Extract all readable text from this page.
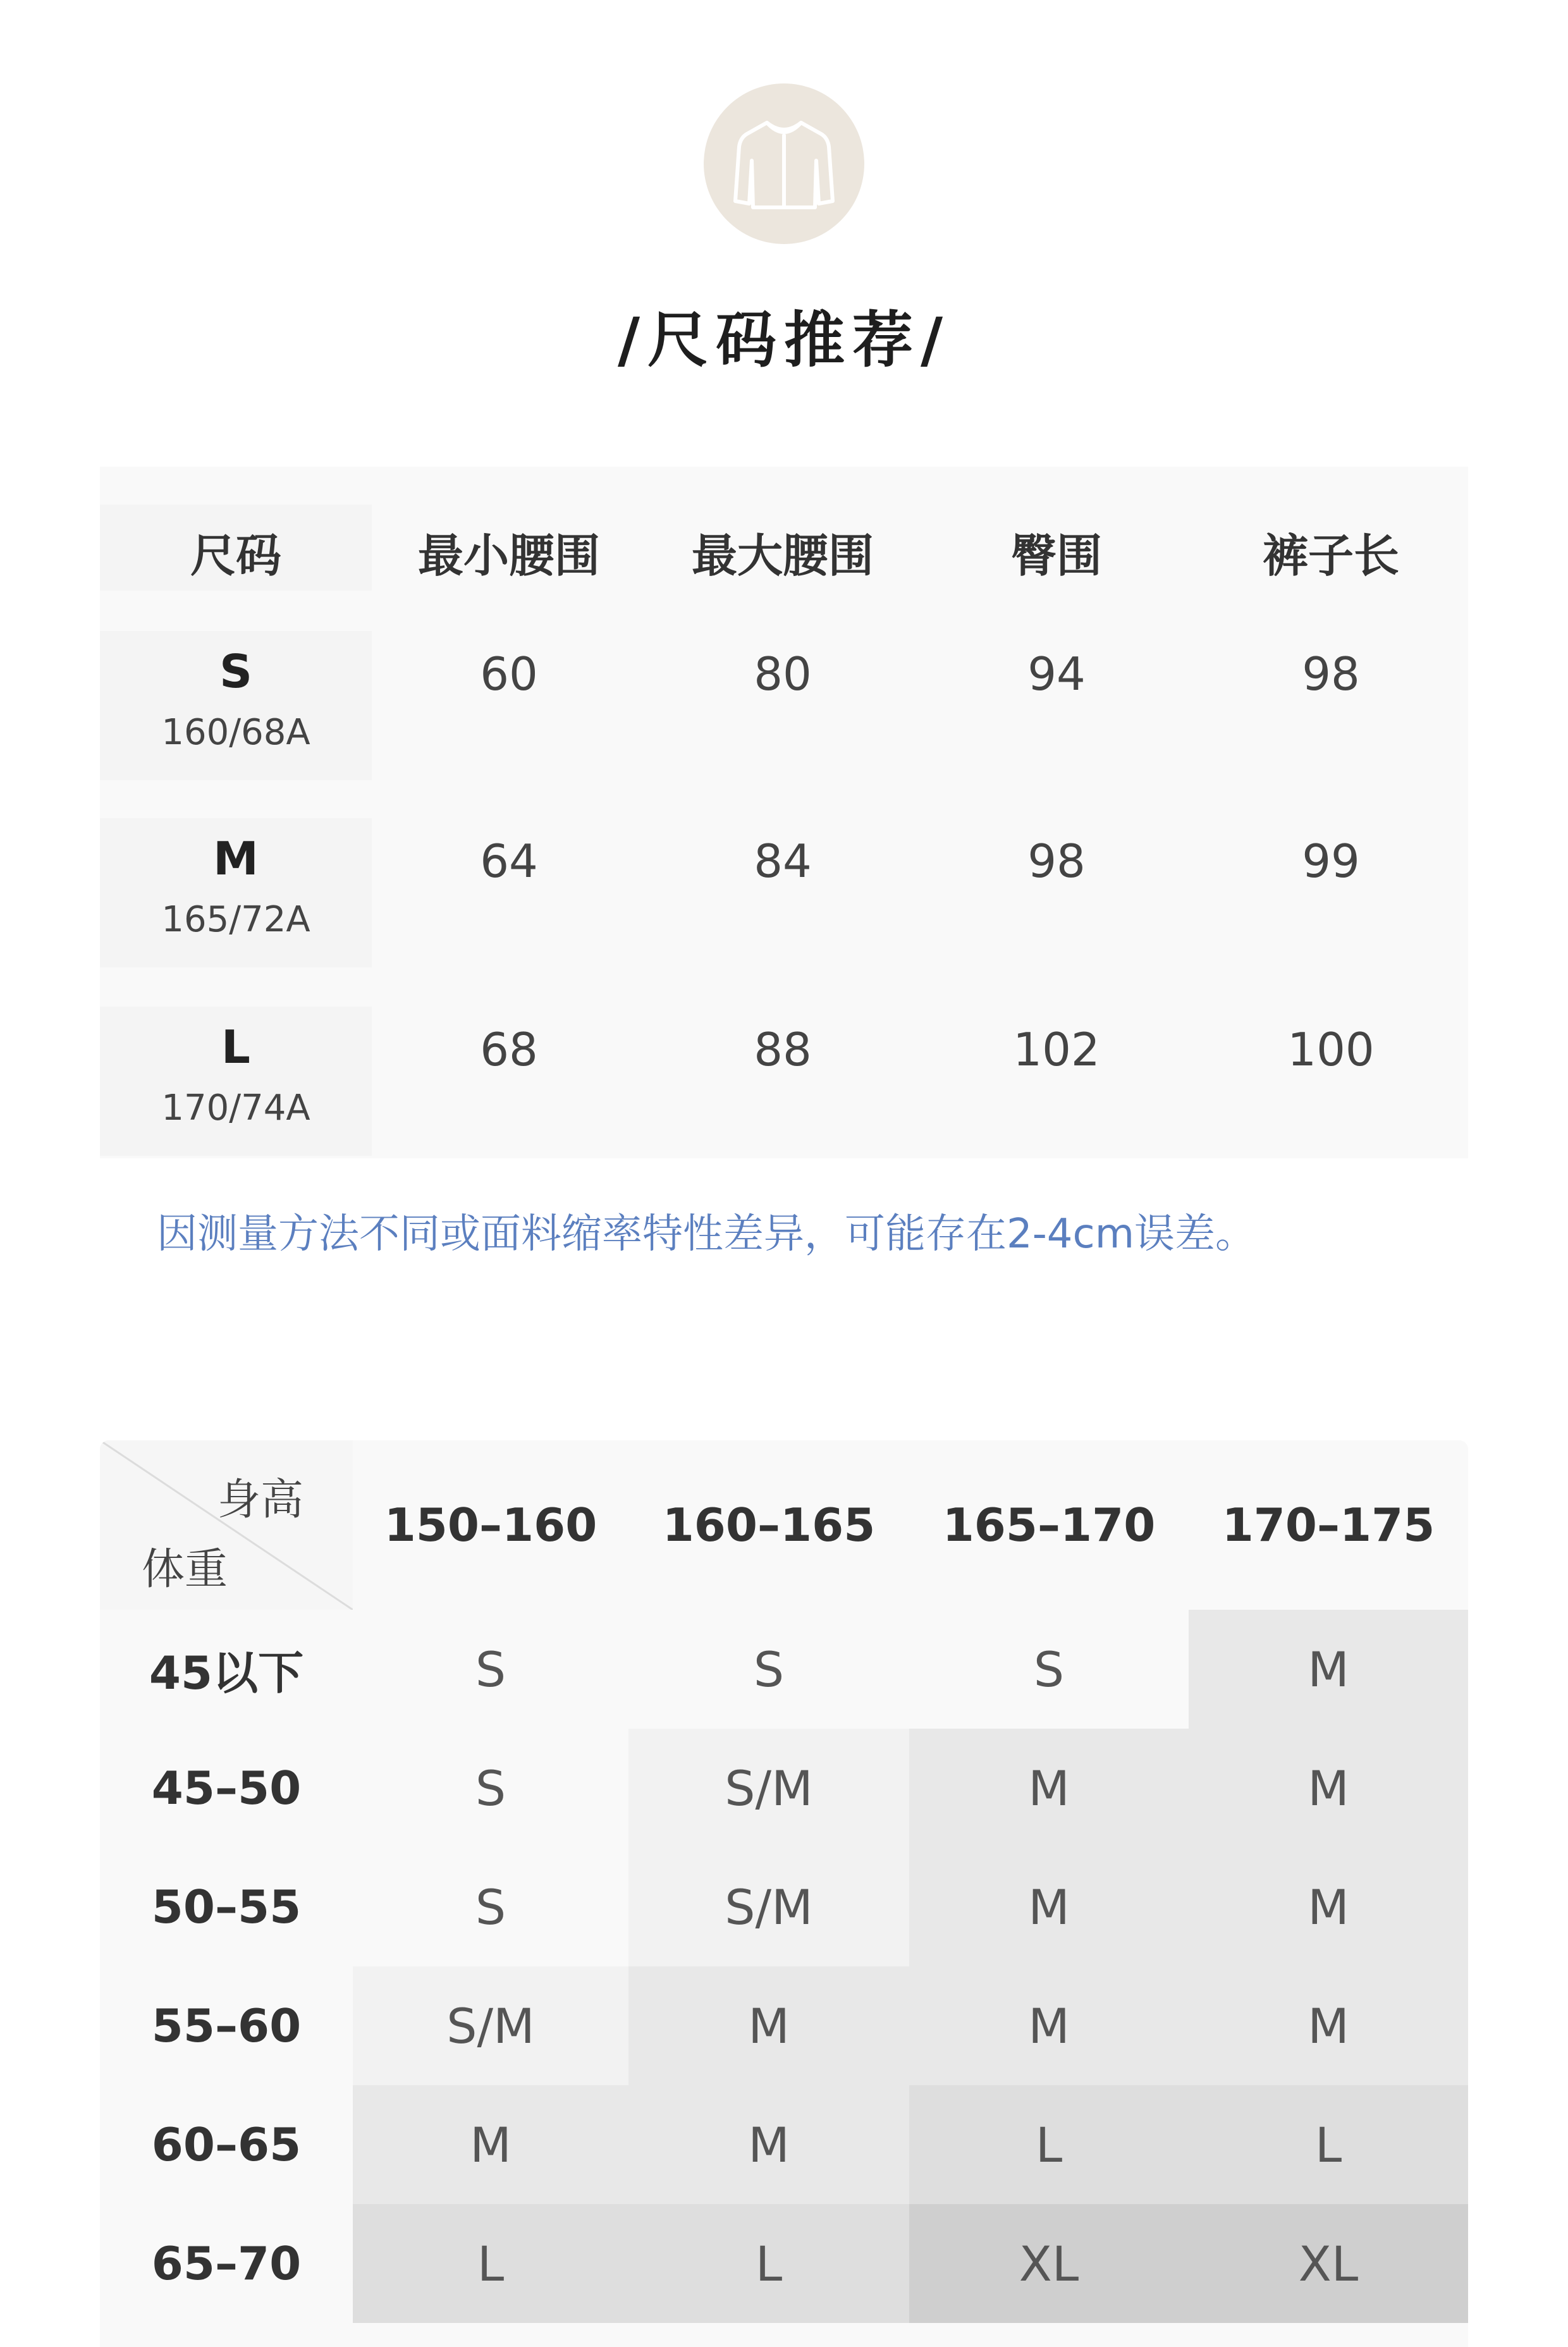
/尺码推荐/
尺码	最小腰围	最大腰围	臀围	裤子长
S
160/68A
60	80	94	98
M
165/72A
64	84	98	99
L
170/74A
68	88	102	100
因测量方法不同或面料缩率特性差异，可能存在2-4cm误差。
身高
体重
150–160	160–165	165–170	170–175
45以下	S	S	S	M
45–50	S	S/M	M	M
50–55	S	S/M	M	M
55–60	S/M	M	M	M
60–65	M	M	L	L
65–70	L	L	XL	XL
